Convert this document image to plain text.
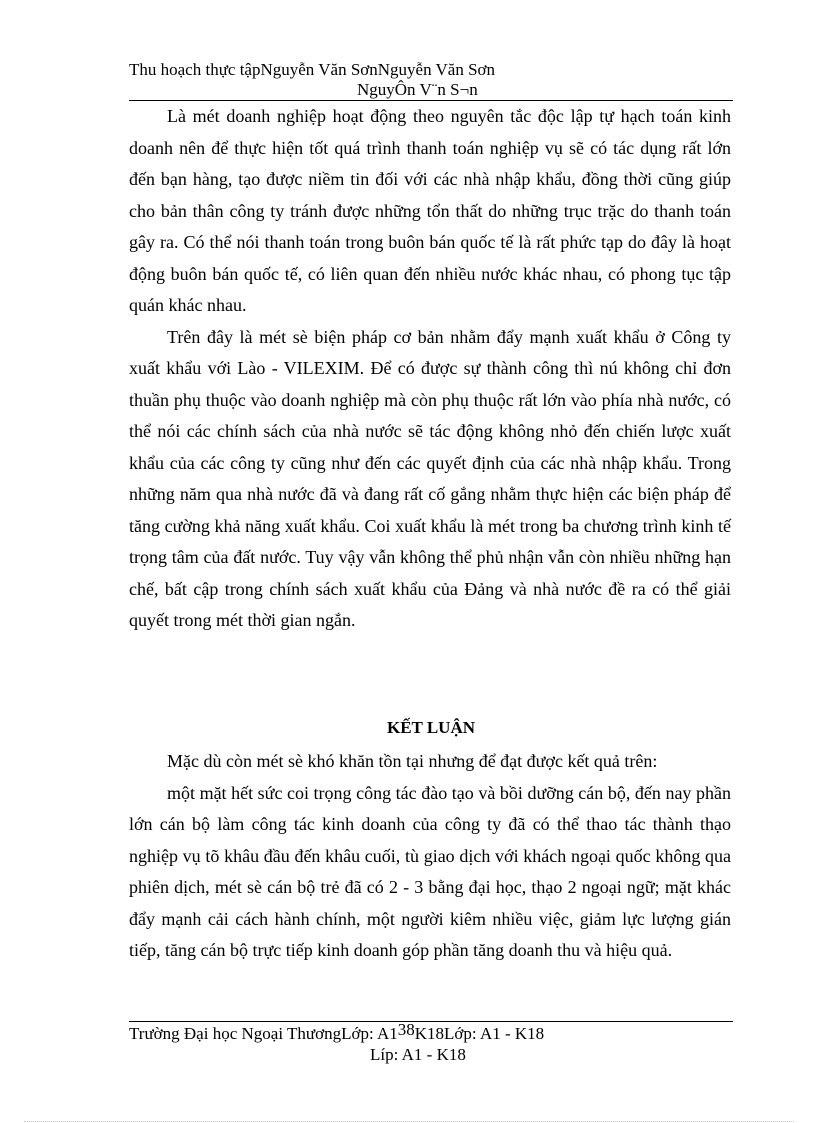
Thu hoạch thực tậpNguyễn Văn SơnNguyễn Văn Sơn
NguyÔn V¨n S¬n

Là mét doanh nghiệp hoạt động theo nguyên tắc độc lập tự hạch toán kinh doanh nên để thực hiện tốt quá trình thanh toán nghiệp vụ sẽ có tác dụng rất lớn đến bạn hàng, tạo được niềm tin đối với các nhà nhập khẩu, đồng thời cũng giúp cho bản thân công ty tránh được những tổn thất do những trục trặc do thanh toán gây ra. Có thể nói thanh toán trong buôn bán quốc tế là rất phức tạp do đây là hoạt động buôn bán quốc tế, có liên quan đến nhiều nước khác nhau, có phong tục tập quán khác nhau.

Trên đây là mét sè biện pháp cơ bản nhằm đẩy mạnh xuất khẩu ở Công ty xuất khẩu với Lào - VILEXIM. Để có được sự thành công thì nú không chỉ đơn thuần phụ thuộc vào doanh nghiệp mà còn phụ thuộc rất lớn vào phía nhà nước, có thể nói các chính sách của nhà nước sẽ tác động không nhỏ đến chiến lược xuất khẩu của các công ty cũng như đến các quyết định của các nhà nhập khẩu. Trong những năm qua nhà nước đã và đang rất cố gắng nhằm thực hiện các biện pháp để tăng cường khả năng xuất khẩu. Coi xuất khẩu là mét trong ba chương trình kinh tế trọng tâm của đất nước. Tuy vậy vẫn không thể phủ nhận vẫn còn nhiều những hạn chế, bất cập trong chính sách xuất khẩu của Đảng và nhà nước đề ra có thể giải quyết trong mét thời gian ngắn.

KẾT LUẬN

Mặc dù còn mét sè khó khăn tồn tại nhưng để đạt được kết quả trên:

một mặt hết sức coi trọng công tác đào tạo và bồi dưỡng cán bộ, đến nay phần lớn cán bộ làm công tác kinh doanh của công ty đã có thể thao tác thành thạo nghiệp vụ tõ khâu đầu đến khâu cuối, tù giao dịch với khách ngoại quốc không qua phiên dịch, mét sè cán bộ trẻ đã có 2 - 3 bằng đại học, thạo 2 ngoại ngữ; mặt khác đẩy mạnh cải cách hành chính, một người kiêm nhiều việc, giảm lực lượng gián tiếp, tăng cán bộ trực tiếp kinh doanh góp phần tăng doanh thu và hiệu quả.

Trường Đại học Ngoại ThươngLớp: A138K18Lớp: A1 - K18
Líp: A1 - K18
